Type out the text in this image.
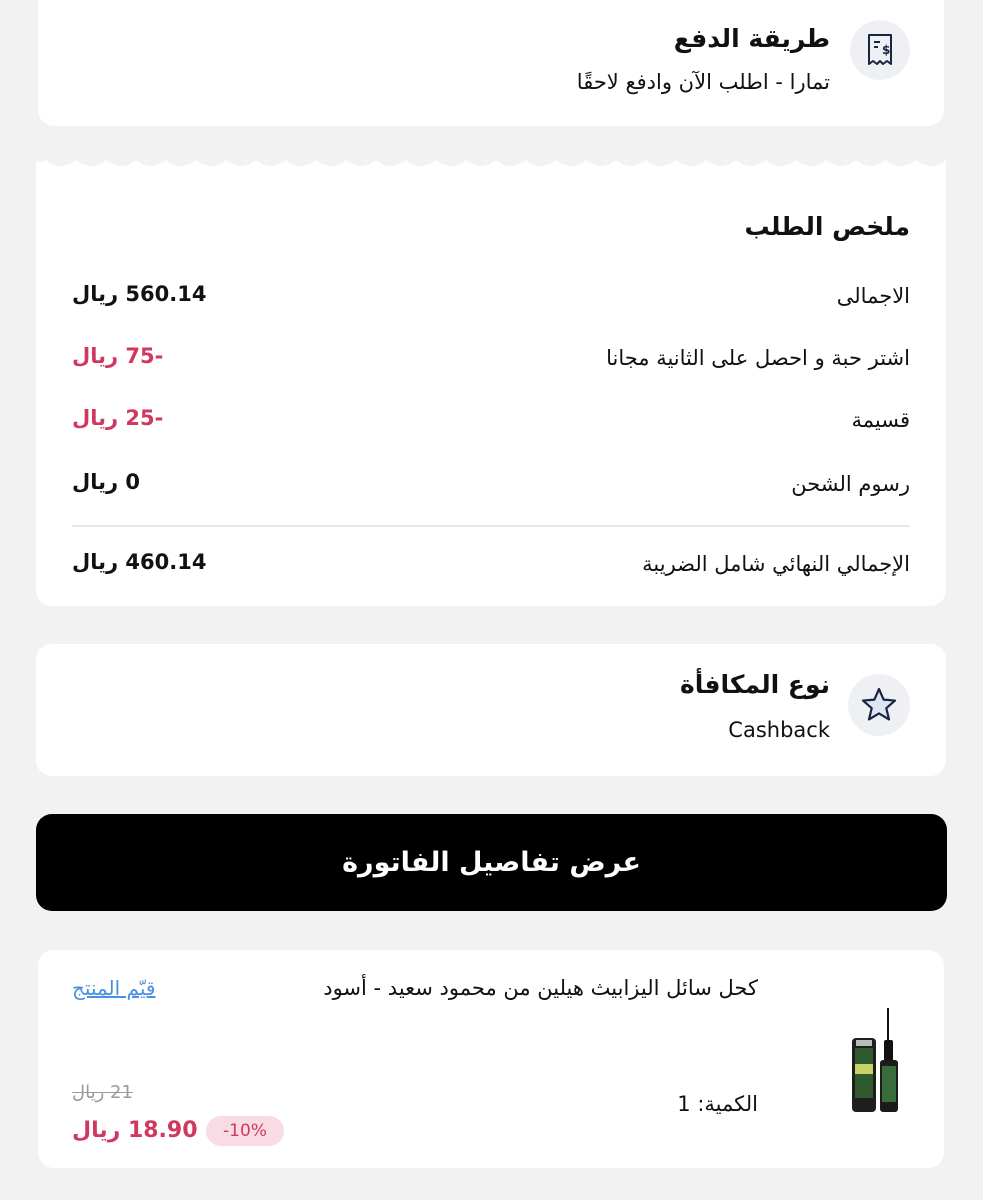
$
طريقة الدفع
تمارا - اطلب الآن وادفع لاحقًا
ملخص الطلب
الاجمالى
560.14 ريال
اشتر حبة و احصل على الثانية مجانا
-75 ريال
قسيمة
-25 ريال
رسوم الشحن
0 ريال
الإجمالي النهائي شامل الضريبة
460.14 ريال
نوع المكافأة
Cashback
عرض تفاصيل الفاتورة
كحل سائل اليزابيث هيلين من محمود سعيد - أسود
قيّم المنتج
الكمية: 1
21 ريال
18.90 ريال	-10%
